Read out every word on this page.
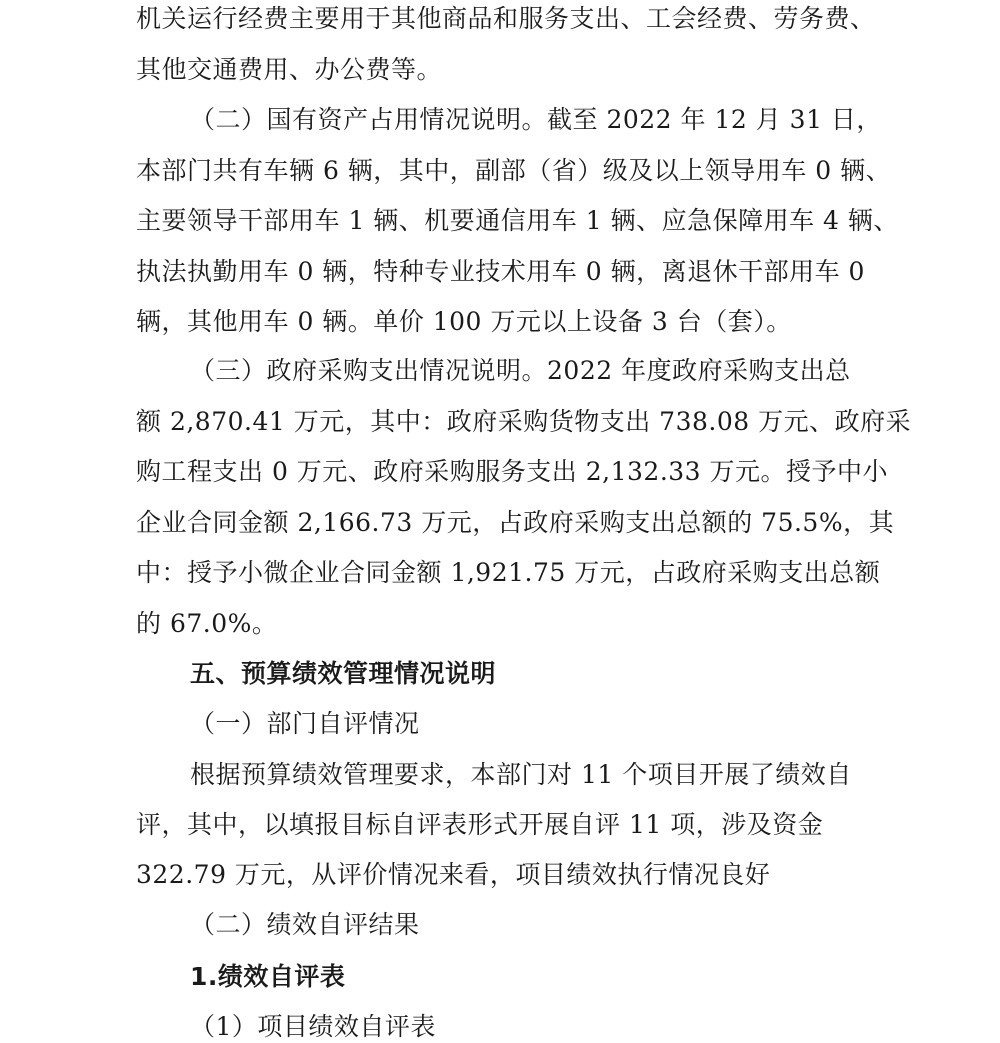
机关运行经费主要用于其他商品和服务支出、工会经费、劳务费、
其他交通费用、办公费等。
（二）国有资产占用情况说明。截至 2022 年 12 月 31 日，
本部门共有车辆 6 辆，其中，副部（省）级及以上领导用车 0 辆、
主要领导干部用车 1 辆、机要通信用车 1 辆、应急保障用车 4 辆、
执法执勤用车 0 辆，特种专业技术用车 0 辆，离退休干部用车 0
辆，其他用车 0 辆。单价 100 万元以上设备 3 台（套）。
（三）政府采购支出情况说明。2022 年度政府采购支出总
额 2,870.41 万元，其中：政府采购货物支出 738.08 万元、政府采
购工程支出 0 万元、政府采购服务支出 2,132.33 万元。授予中小
企业合同金额 2,166.73 万元，占政府采购支出总额的 75.5%，其
中：授予小微企业合同金额 1,921.75 万元，占政府采购支出总额
的 67.0%。
五、预算绩效管理情况说明
（一）部门自评情况
根据预算绩效管理要求，本部门对 11 个项目开展了绩效自
评，其中，以填报目标自评表形式开展自评 11 项，涉及资金
322.79 万元，从评价情况来看，项目绩效执行情况良好
（二）绩效自评结果
1.绩效自评表
（1）项目绩效自评表
